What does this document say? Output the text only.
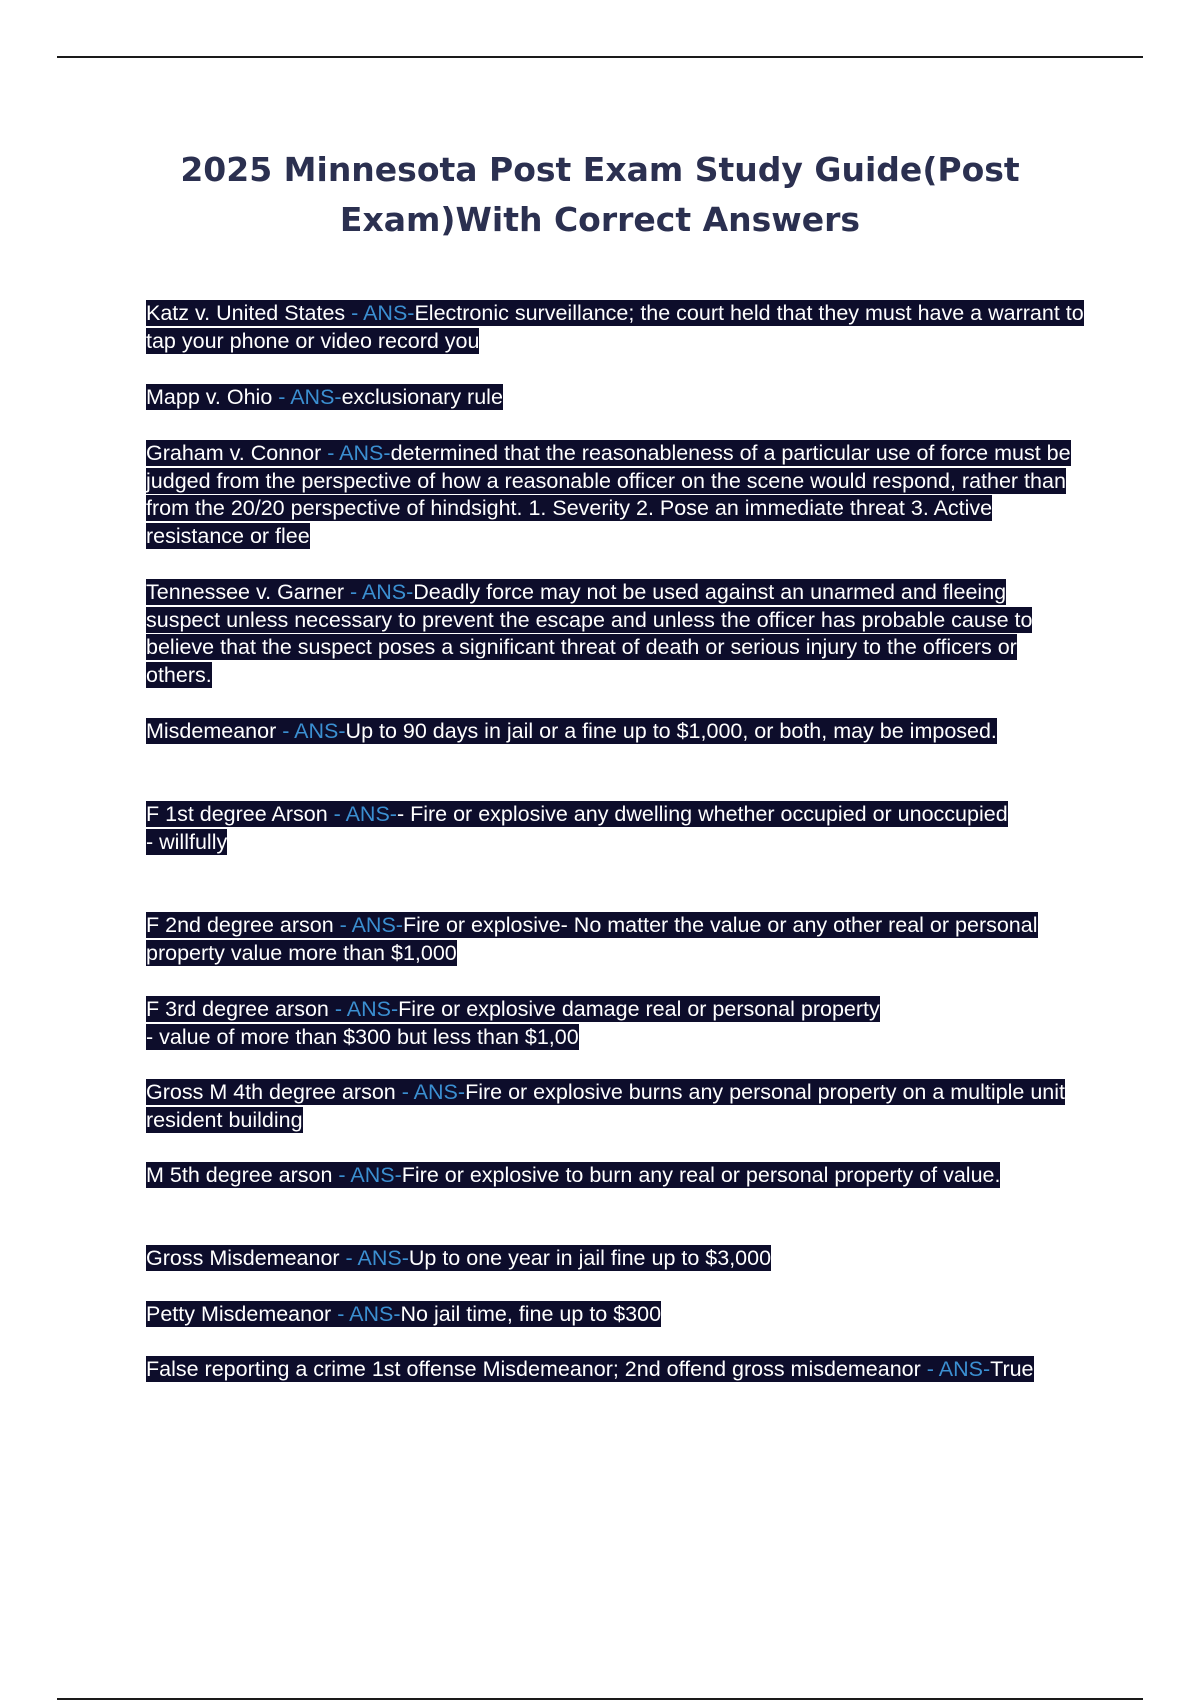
2025 Minnesota Post Exam Study Guide(Post Exam)With Correct Answers

Katz v. United States - ANS-Electronic surveillance; the court held that they must have a warrant to tap your phone or video record you

Mapp v. Ohio - ANS-exclusionary rule

Graham v. Connor - ANS-determined that the reasonableness of a particular use of force must be judged from the perspective of how a reasonable officer on the scene would respond, rather than from the 20/20 perspective of hindsight. 1. Severity 2. Pose an immediate threat 3. Active resistance or flee

Tennessee v. Garner - ANS-Deadly force may not be used against an unarmed and fleeing suspect unless necessary to prevent the escape and unless the officer has probable cause to believe that the suspect poses a significant threat of death or serious injury to the officers or others.

Misdemeanor - ANS-Up to 90 days in jail or a fine up to $1,000, or both, may be imposed.

F 1st degree Arson - ANS-- Fire or explosive any dwelling whether occupied or unoccupied
- willfully

F 2nd degree arson - ANS-Fire or explosive- No matter the value or any other real or personal property value more than $1,000

F 3rd degree arson - ANS-Fire or explosive damage real or personal property
- value of more than $300 but less than $1,00

Gross M 4th degree arson - ANS-Fire or explosive burns any personal property on a multiple unit resident building

M 5th degree arson - ANS-Fire or explosive to burn any real or personal property of value.

Gross Misdemeanor - ANS-Up to one year in jail fine up to $3,000

Petty Misdemeanor - ANS-No jail time, fine up to $300

False reporting a crime 1st offense Misdemeanor; 2nd offend gross misdemeanor - ANS-True
